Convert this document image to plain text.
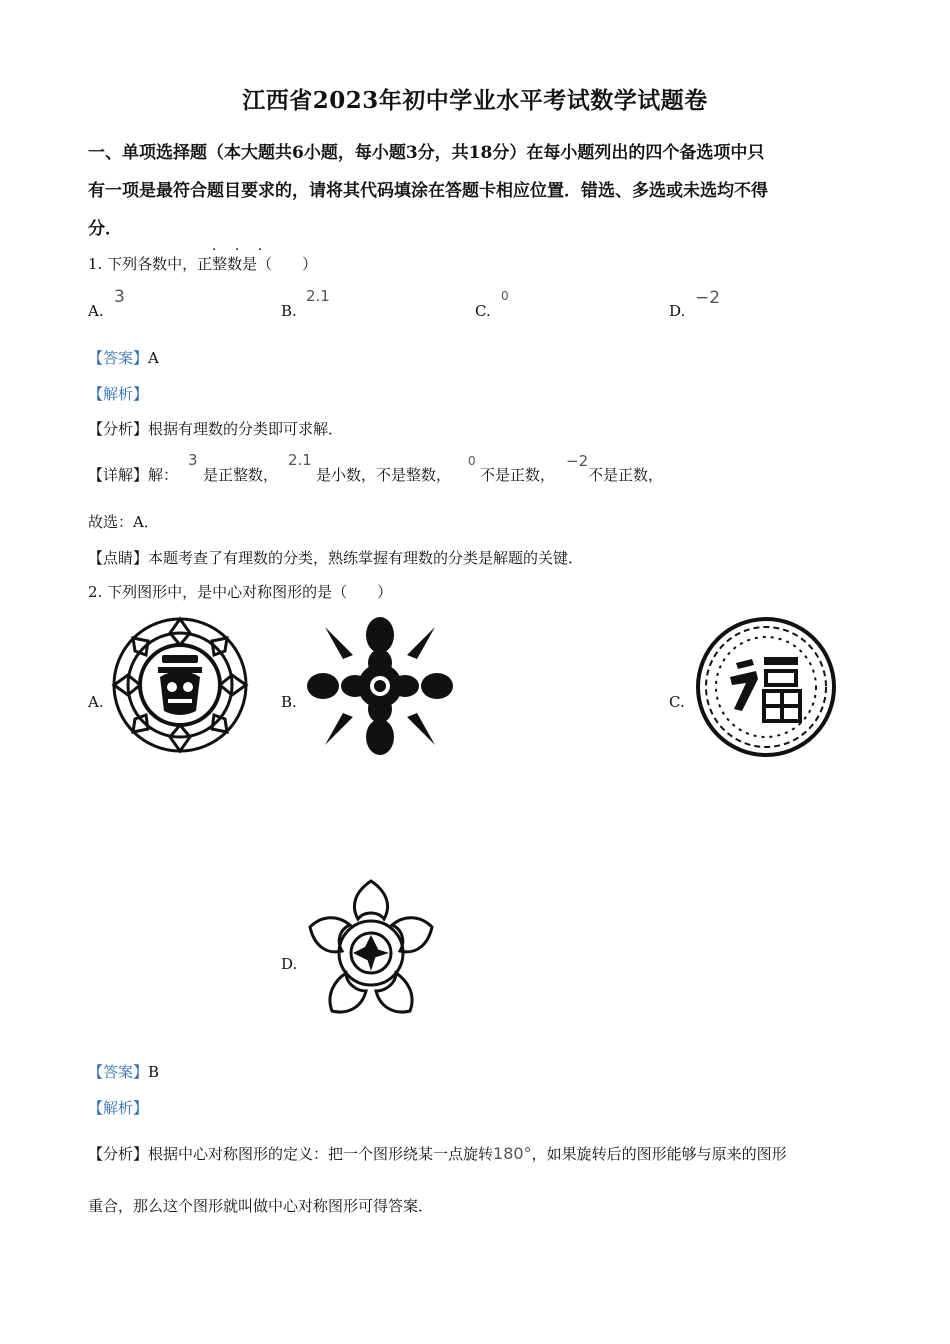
江西省2023年初中学业水平考试数学试题卷
一、单项选择题（本大题共6小题，每小题3分，共18分）在每小题列出的四个备选项中只
有一项是最符合题目要求的，请将其代码填涂在答题卡相应位置．错选、多选或未选均不得
分．
· · ·
1. 下列各数中，正整数是（　　）
A.
3
B.
2.1
C.
0
D.
−2
【答案】A
【解析】
【分析】根据有理数的分类即可求解．
【详解】解：
3
是正整数，
2.1
是小数，不是整数，
0
不是正数，
−2
不是正数，
故选：A．
【点睛】本题考查了有理数的分类，熟练掌握有理数的分类是解题的关键．
2. 下列图形中，是中心对称图形的是（　　）
A.	B.	C.
D.
【答案】B
【解析】
【分析】根据中心对称图形的定义：把一个图形绕某一点旋转180°，如果旋转后的图形能够与原来的图形
重合，那么这个图形就叫做中心对称图形可得答案．
